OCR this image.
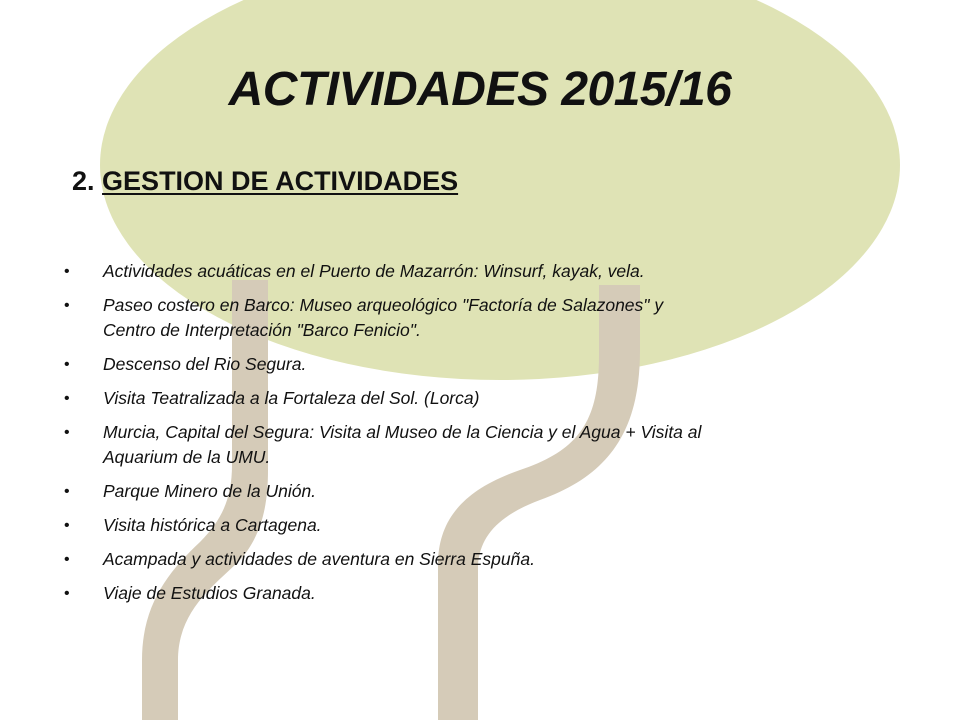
ACTIVIDADES 2015/16
2. GESTION DE ACTIVIDADES
• Actividades acuáticas en el Puerto de Mazarrón: Winsurf, kayak, vela.
• Paseo costero en Barco: Museo arqueológico "Factoría de Salazones" y Centro de Interpretación "Barco Fenicio".
• Descenso del Rio Segura.
• Visita Teatralizada a la Fortaleza del Sol. (Lorca)
• Murcia, Capital del Segura: Visita al Museo de la Ciencia y el Agua + Visita al Aquarium de la UMU.
• Parque Minero de la Unión.
• Visita histórica a Cartagena.
• Acampada y actividades de aventura en Sierra Espuña.
• Viaje de Estudios Granada.
